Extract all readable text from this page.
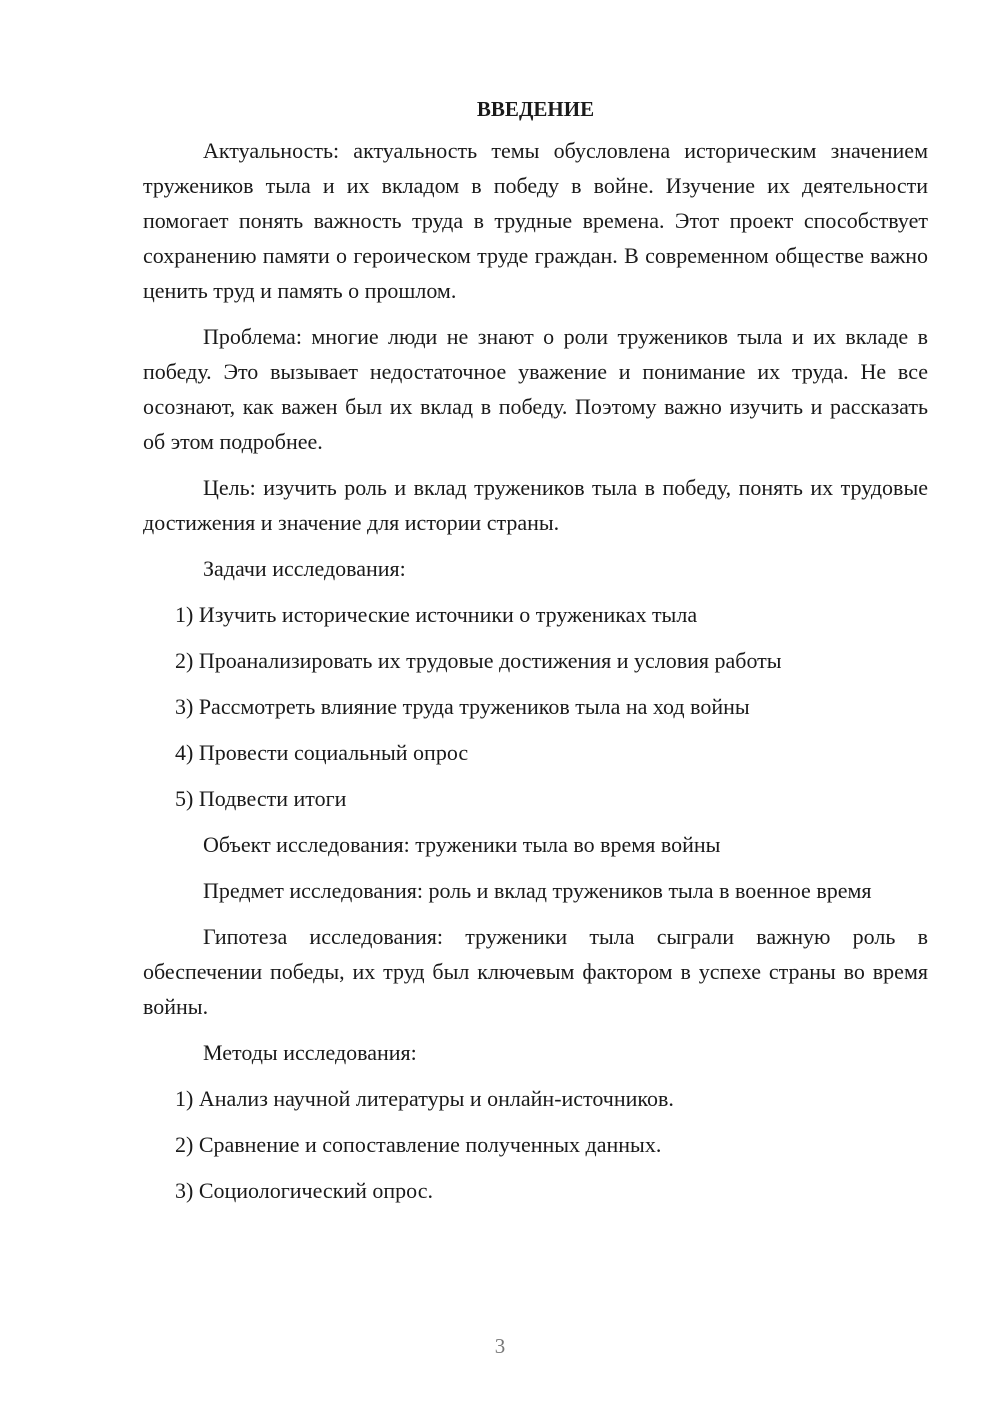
ВВЕДЕНИЕ

Актуальность: актуальность темы обусловлена историческим значением тружеников тыла и их вкладом в победу в войне. Изучение их деятельности помогает понять важность труда в трудные времена. Этот проект способствует сохранению памяти о героическом труде граждан. В современном обществе важно ценить труд и память о прошлом.

Проблема: многие люди не знают о роли тружеников тыла и их вкладе в победу. Это вызывает недостаточное уважение и понимание их труда. Не все осознают, как важен был их вклад в победу. Поэтому важно изучить и рассказать об этом подробнее.

Цель: изучить роль и вклад тружеников тыла в победу, понять их трудовые достижения и значение для истории страны.

Задачи исследования:

1) Изучить исторические источники о тружениках тыла
2) Проанализировать их трудовые достижения и условия работы
3) Рассмотреть влияние труда тружеников тыла на ход войны
4) Провести социальный опрос
5) Подвести итоги

Объект исследования: труженики тыла во время войны

Предмет исследования: роль и вклад тружеников тыла в военное время

Гипотеза исследования: труженики тыла сыграли важную роль в обеспечении победы, их труд был ключевым фактором в успехе страны во время войны.

Методы исследования:

1) Анализ научной литературы и онлайн-источников.
2) Сравнение и сопоставление полученных данных.
3) Социологический опрос.
3
